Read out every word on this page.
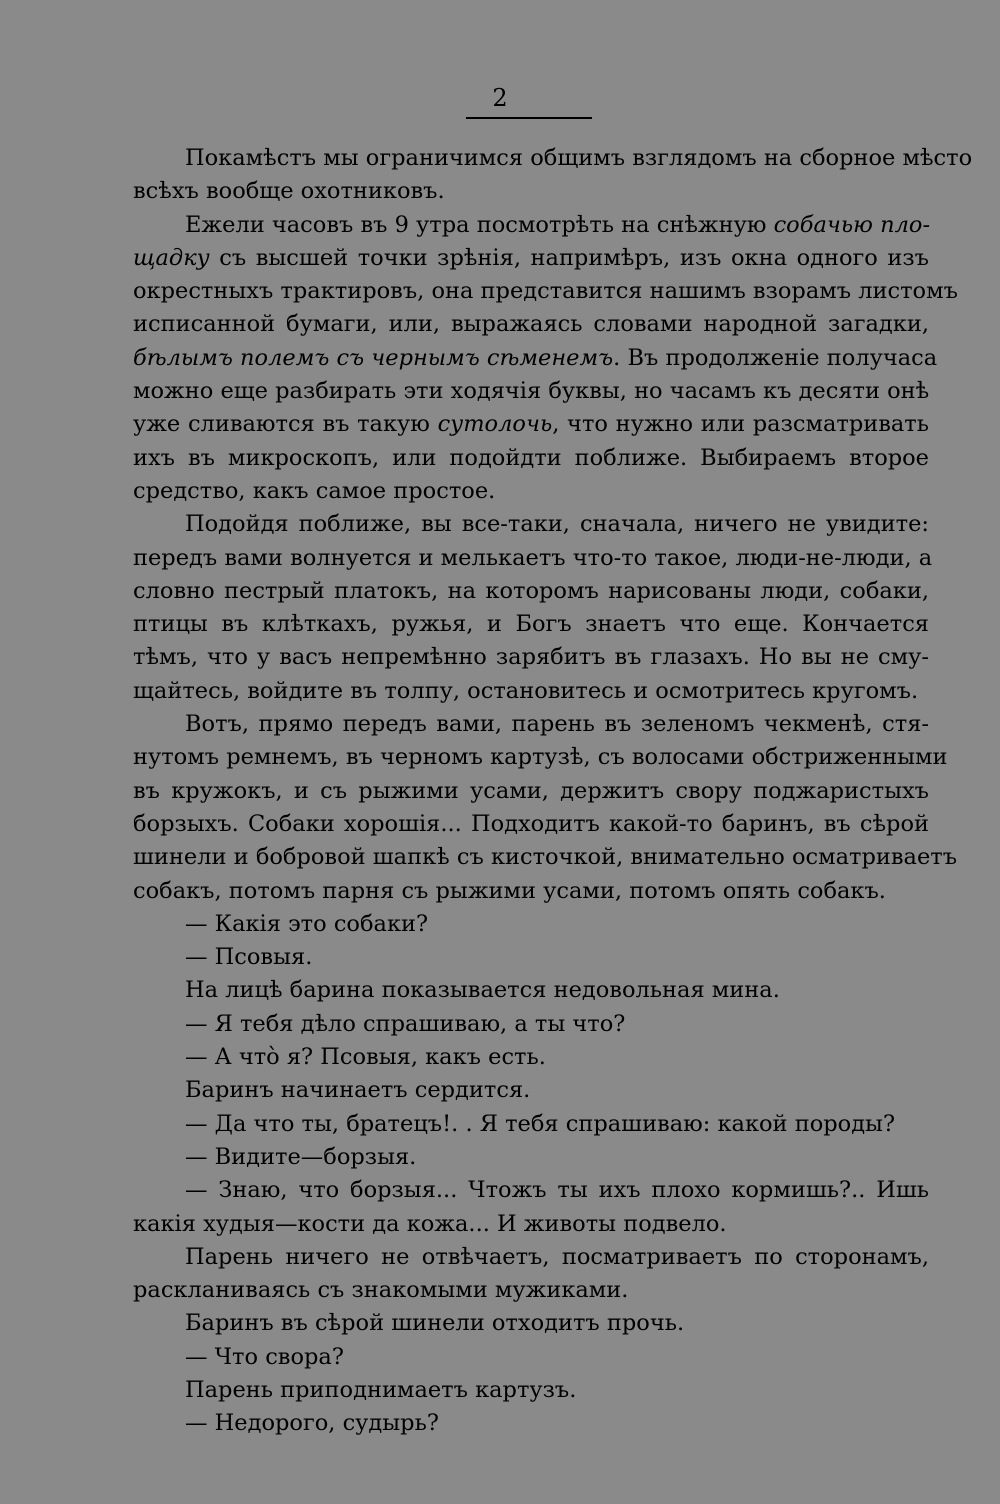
2

Покамѣстъ мы ограничимся общимъ взглядомъ на сборное мѣсто
всѣхъ вообще охотниковъ.

Ежели часовъ въ 9 утра посмотрѣть на снѣжную собачью пло-
щадку съ высшей точки зрѣнія, напримѣръ, изъ окна одного изъ
окрестныхъ трактировъ, она представится нашимъ взорамъ листомъ
исписанной бумаги, или, выражаясь словами народной загадки,
бѣлымъ полемъ съ чернымъ сѣменемъ. Въ продолженіе получаса
можно еще разбирать эти ходячія буквы, но часамъ къ десяти онѣ
уже сливаются въ такую сутолочь, что нужно или разсматривать
ихъ въ микроскопъ, или подойдти поближе. Выбираемъ второе
средство, какъ самое простое.

Подойдя поближе, вы все-таки, сначала, ничего не увидите:
передъ вами волнуется и мелькаетъ что-то такое, люди-не-люди, а
словно пестрый платокъ, на которомъ нарисованы люди, собаки,
птицы въ клѣткахъ, ружья, и Богъ знаетъ что еще. Кончается
тѣмъ, что у васъ непремѣнно зарябитъ въ глазахъ. Но вы не сму-
щайтесь, войдите въ толпу, остановитесь и осмотритесь кругомъ.

Вотъ, прямо передъ вами, парень въ зеленомъ чекменѣ, стя-
нутомъ ремнемъ, въ черномъ картузѣ, съ волосами обстриженными
въ кружокъ, и съ рыжими усами, держитъ свору поджаристыхъ
борзыхъ. Собаки хорошія... Подходитъ какой-то баринъ, въ сѣрой
шинели и бобровой шапкѣ съ кисточкой, внимательно осматриваетъ
собакъ, потомъ парня съ рыжими усами, потомъ опять собакъ.

— Какія это собаки?

— Псовыя.

На лицѣ барина показывается недовольная мина.

— Я тебя дѣло спрашиваю, а ты что?

— А что̀ я? Псовыя, какъ есть.

Баринъ начинаетъ сердится.

— Да что ты, братецъ!. . Я тебя спрашиваю: какой породы?

— Видите—борзыя.

— Знаю, что борзыя... Чтожъ ты ихъ плохо кормишь?.. Ишь
какія худыя—кости да кожа... И животы подвело.

Парень ничего не отвѣчаетъ, посматриваетъ по сторонамъ,
раскланиваясь съ знакомыми мужиками.

Баринъ въ сѣрой шинели отходитъ прочь.

— Что свора?

Парень приподнимаетъ картузъ.

— Недорого, судырь?
